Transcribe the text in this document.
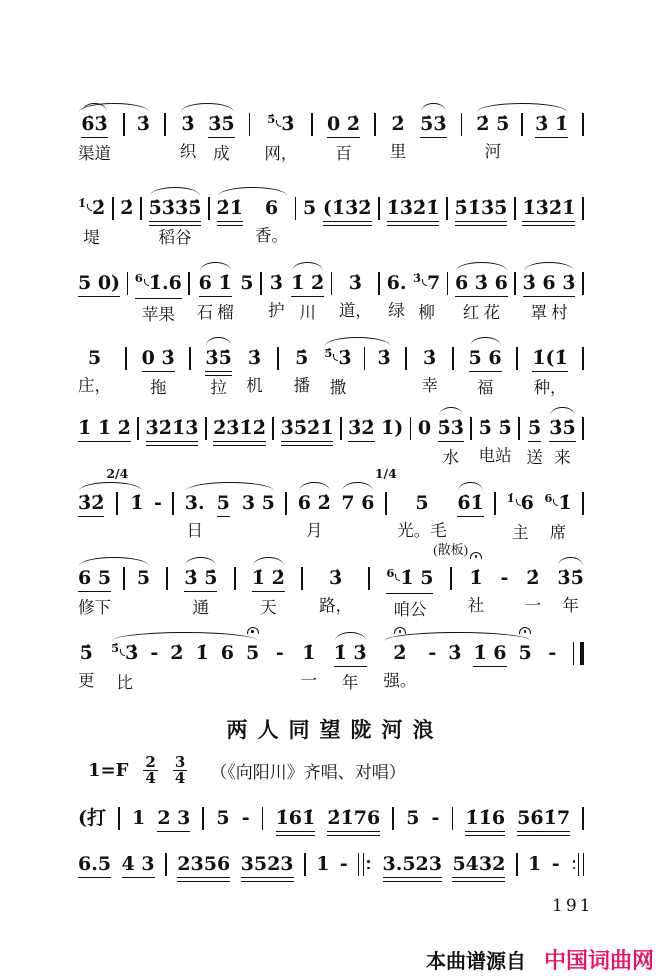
6̇3̇
渠道
3̇
3̇
织
3̇5̇
成
$^{5̇}$ 3̇
网，
0 2̇
百
2̇
里
5̇3̇
2̇ 5̇
河
3̇ 1̇

$^{1̇}$ 2̇
堤
2̇
5̇3̇3̇5̇
稻谷
2̇1̇
6
香。
5
(1̇3̇2̇
1̇3̇2̇1̇
5̇1̇3̇5̇
1̇3̇2̇1̇

5 0)
$^6$ 1̇.6
苹果
6 1̇
石 榴
5
3̇
护
1̇ 2̇
川
3̇
道，
6.
绿
$^{3̇}$ 7
柳
6 3̇ 6
红 花
3̇ 6 3̇
罩 村
5
庄，
0 3̇
拖
3̇5̇
拉
3̇
机
5̇
播
$^{5̇}$ 3̇
撒
3̇
3̇
幸
5 6
福
1̇(1̇
种，
1̇ 1̇ 2̇
3̇2̇1̇3̇
2̇3̇1̇2̇
3̇5̇2̇1̇
3̇2̇
1̇)
0
5̇3̇
水
5̇ 5̇
电站
5̇
送
3̇5̇
来
3̇2̇

2/4
1̇
-
3.
日
5
3 5
6 2̇
月
7 6

1/4
5
光。毛
6̇1̇
$^{1̇}$ 6
主
$^6$ 1̇
席
6 5
修下
5
3̇ 5̇
通
1̇ 2̇
天
3̇
路，
$^6$ 1̇ 5
咱公
(散板)
1̇
社
-
2̇
一
3̇5̇
年
5̇
更
$^{5̇}$ 3̇
比
-
2̇
1̇
6
5
-
1̇
一
1̇ 3̇
年
2̇
强。
-
3̇
1̇ 6
5
-

(打
1
2 3
5
-
1̇61̇
2̇1̇76
5
-
1̇1̇6
56̇1̇7

6.5
4 3
2356
3523
1
-
3.523
5432
1
-

两人同望陇河浪
$1=F \frac{2}{4} \frac{3}{4}$ （《向阳川》齐唱、对唱）
191
本曲谱源自 中国词曲网
